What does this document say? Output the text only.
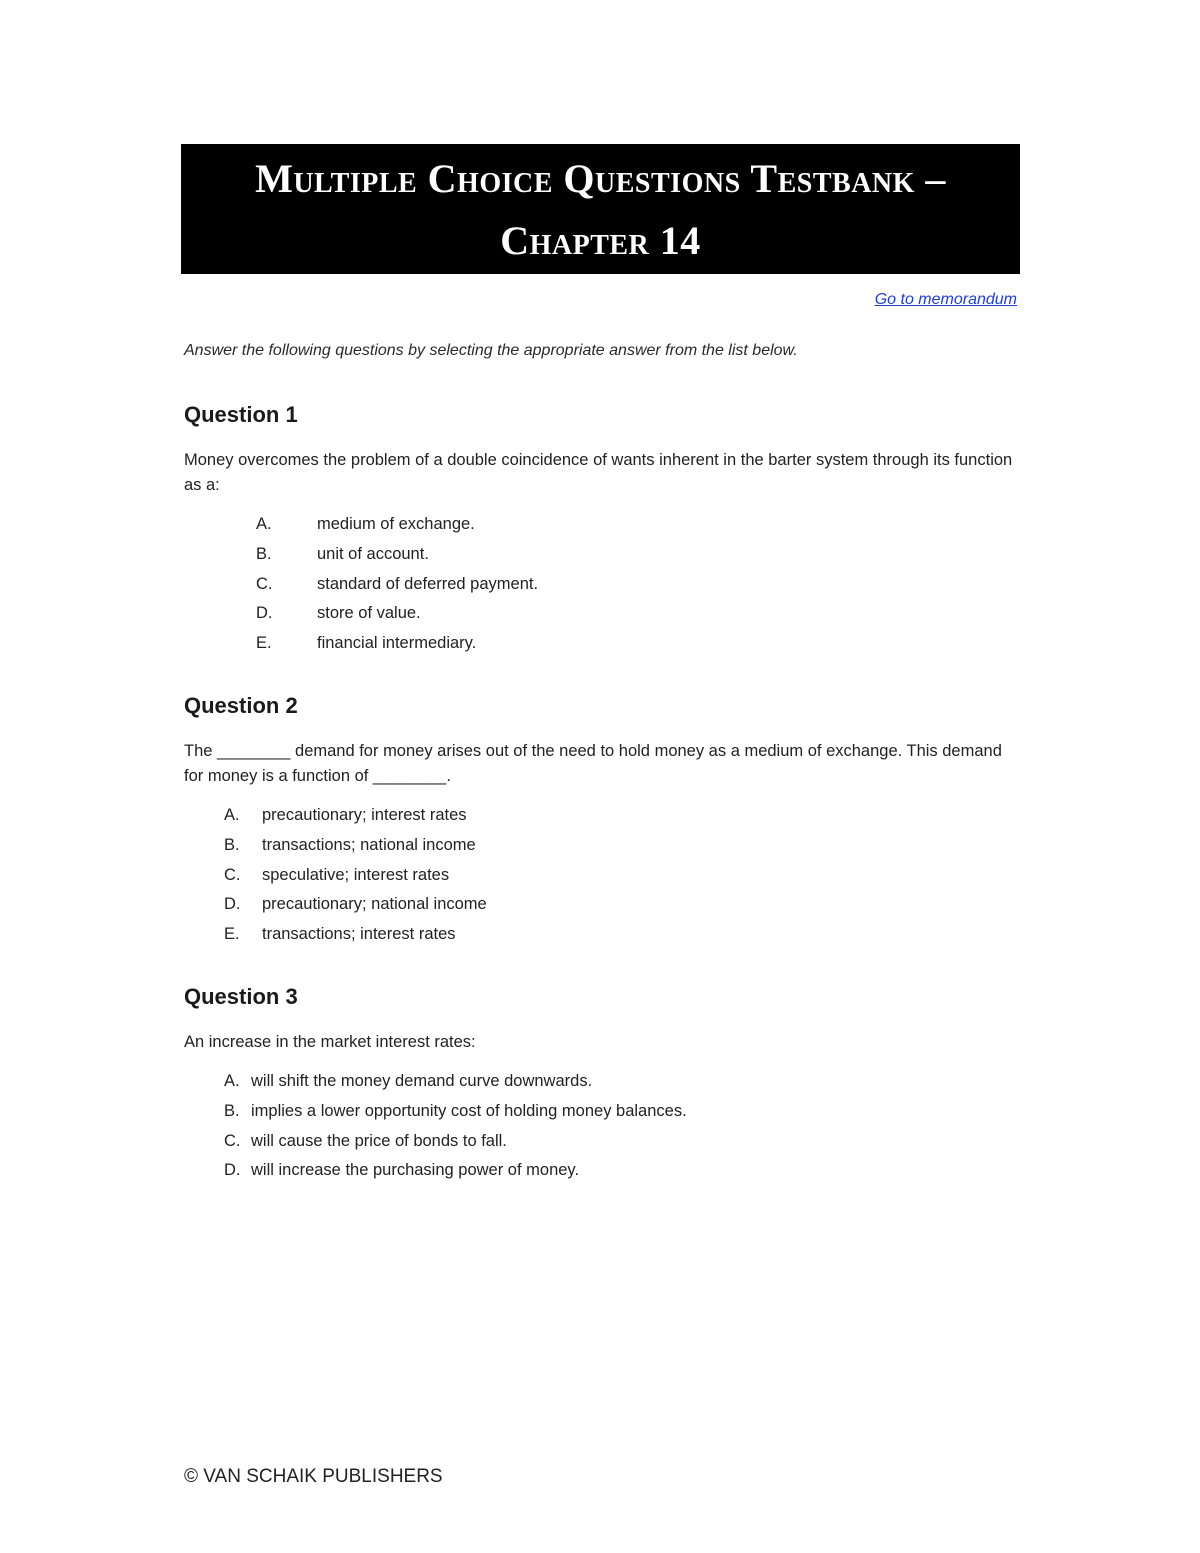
Multiple Choice Questions Testbank –
Chapter 14
Go to memorandum
Answer the following questions by selecting the appropriate answer from the list below.
Question 1

Money overcomes the problem of a double coincidence of wants inherent in the barter system through its function as a:

A.	medium of exchange.
B.	unit of account.
C.	standard of deferred payment.
D.	store of value.
E.	financial intermediary.
Question 2

The ________ demand for money arises out of the need to hold money as a medium of exchange. This demand for money is a function of ________.

A. precautionary; interest rates
B. transactions; national income
C. speculative; interest rates
D. precautionary; national income
E. transactions; interest rates
Question 3

An increase in the market interest rates:

A. will shift the money demand curve downwards.
B. implies a lower opportunity cost of holding money balances.
C. will cause the price of bonds to fall.
D. will increase the purchasing power of money.
© VAN SCHAIK PUBLISHERS
